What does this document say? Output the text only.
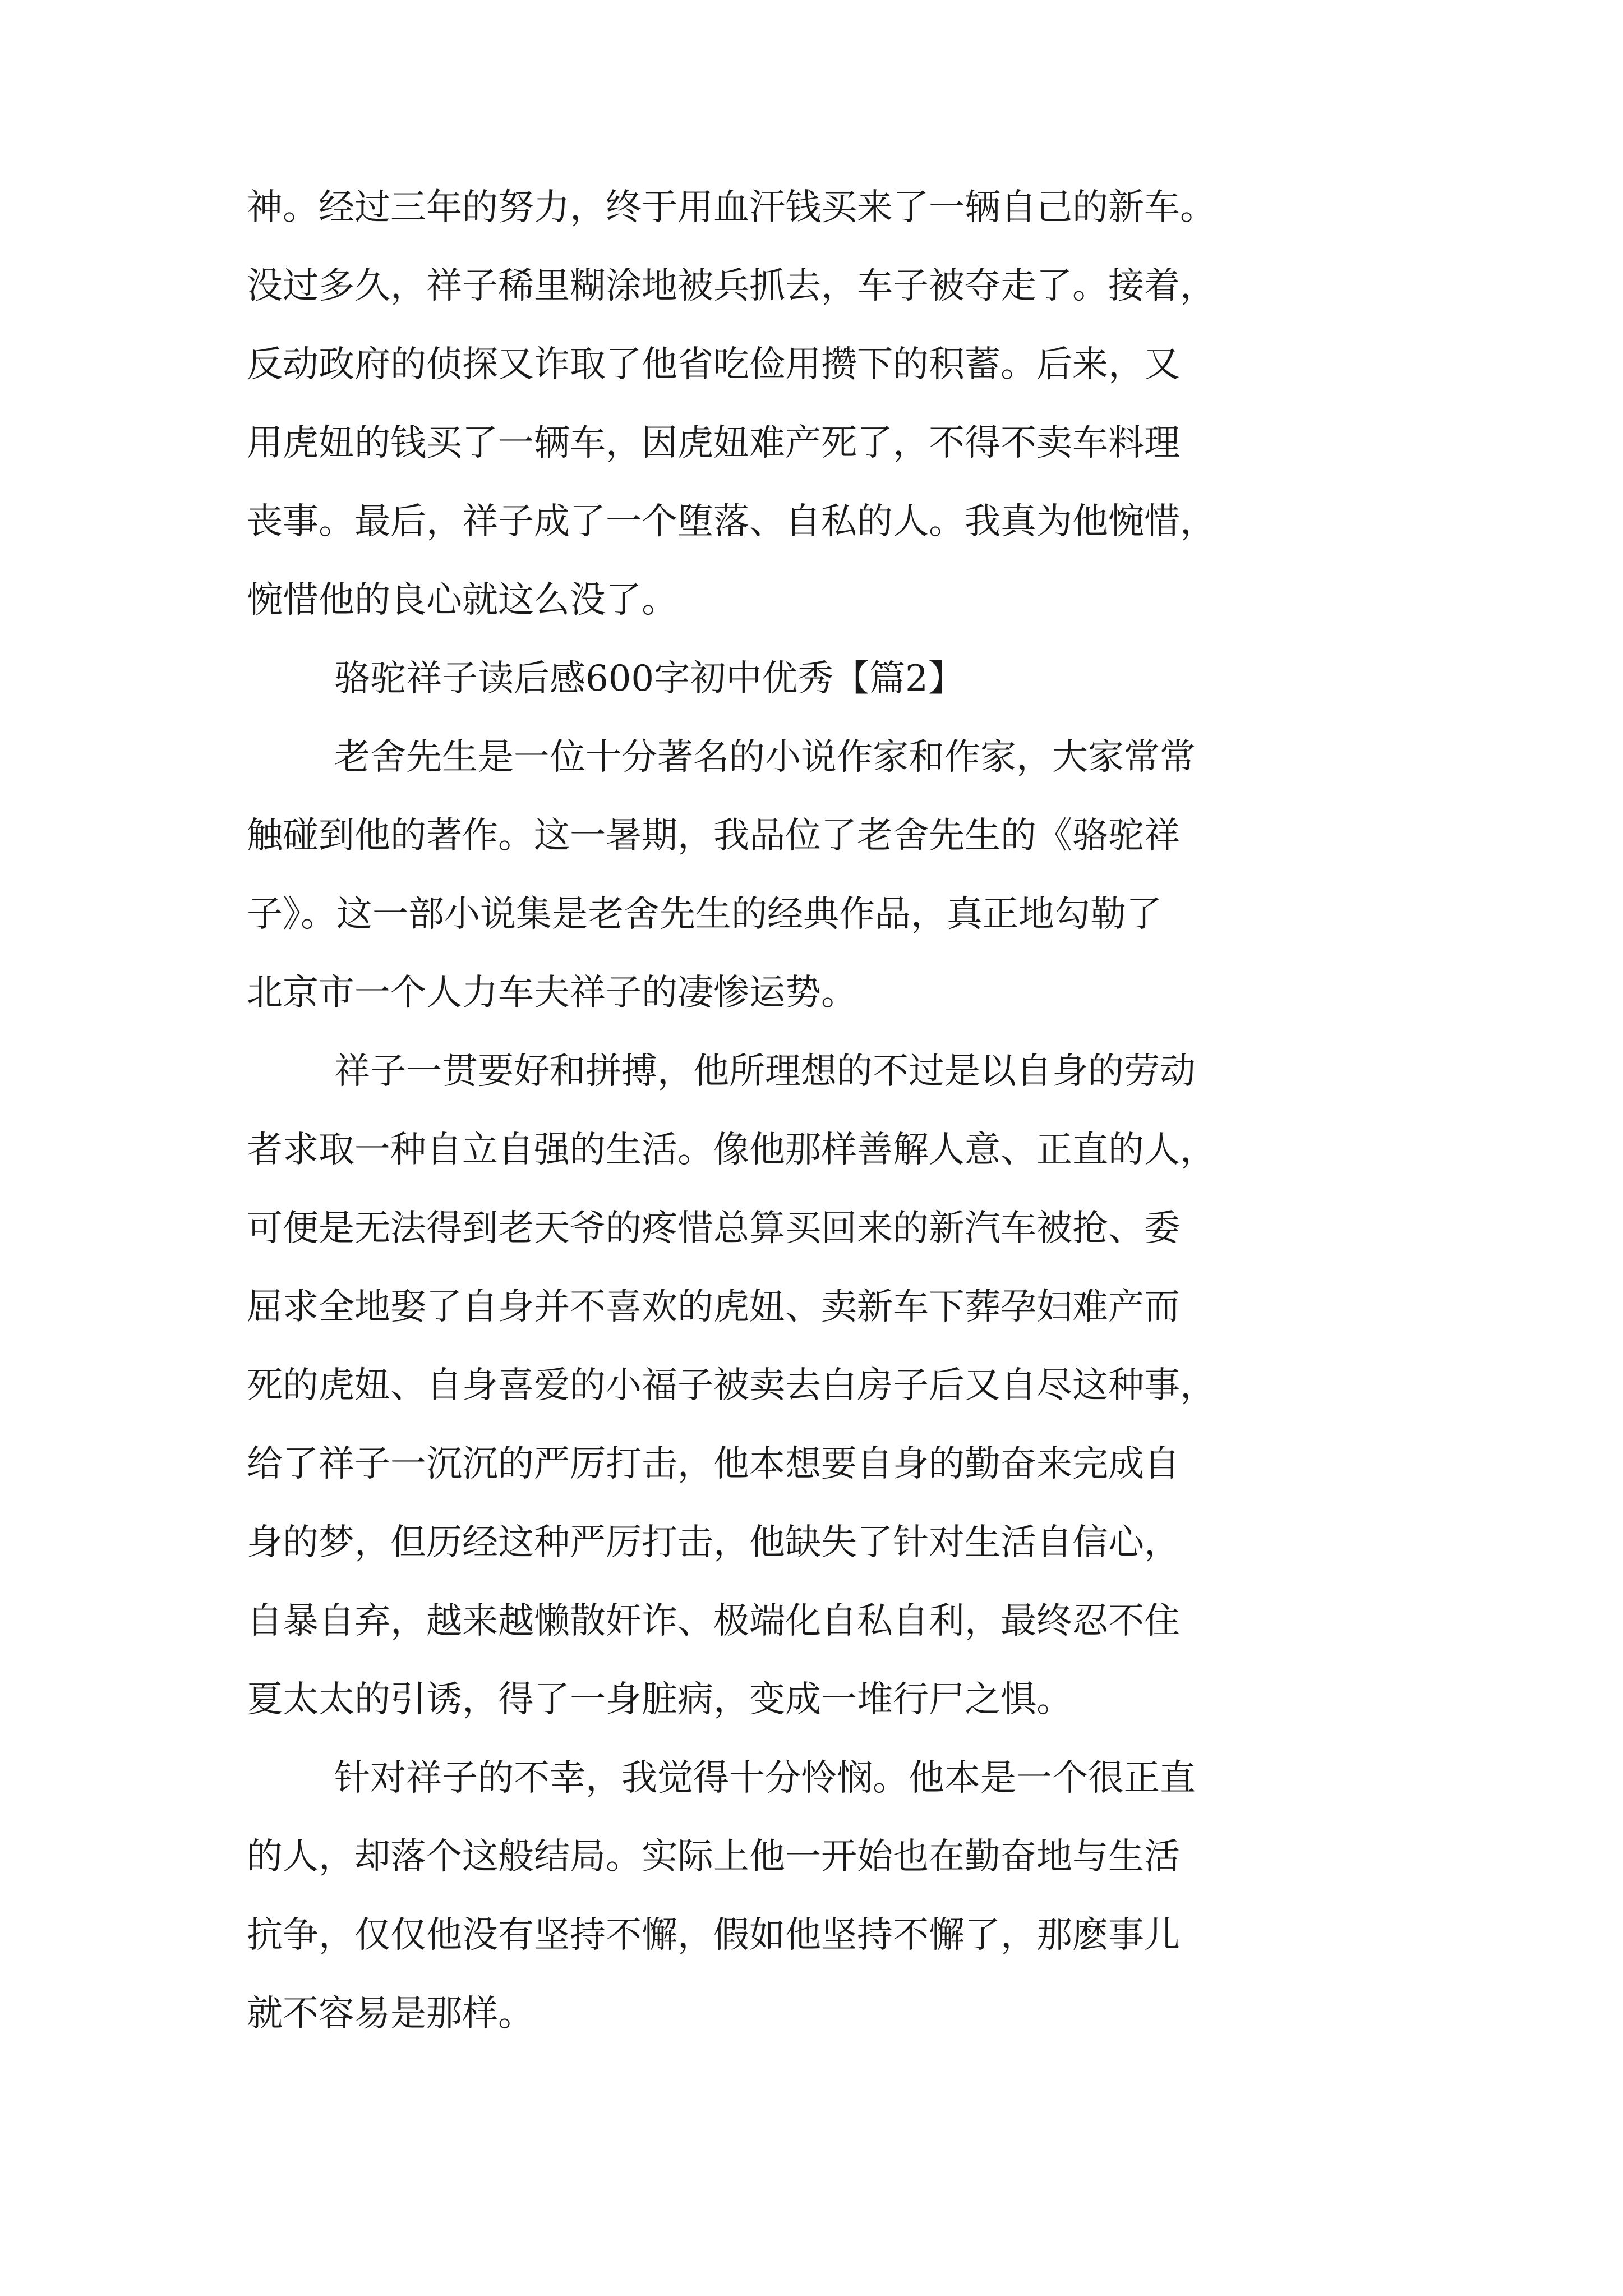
神。经过三年的努力，终于用血汗钱买来了一辆自己的新车。
没过多久，祥子稀里糊涂地被兵抓去，车子被夺走了。接着，
反动政府的侦探又诈取了他省吃俭用攒下的积蓄。后来，又
用虎妞的钱买了一辆车，因虎妞难产死了，不得不卖车料理
丧事。最后，祥子成了一个堕落、自私的人。我真为他惋惜，
惋惜他的良心就这么没了。
骆驼祥子读后感600字初中优秀【篇2】
老舍先生是一位十分著名的小说作家和作家，大家常常
触碰到他的著作。这一暑期，我品位了老舍先生的《骆驼祥
子》。这一部小说集是老舍先生的经典作品，真正地勾勒了
北京市一个人力车夫祥子的凄惨运势。
祥子一贯要好和拼搏，他所理想的不过是以自身的劳动
者求取一种自立自强的生活。像他那样善解人意、正直的人，
可便是无法得到老天爷的疼惜总算买回来的新汽车被抢、委
屈求全地娶了自身并不喜欢的虎妞、卖新车下葬孕妇难产而
死的虎妞、自身喜爱的小福子被卖去白房子后又自尽这种事，
给了祥子一沉沉的严厉打击，他本想要自身的勤奋来完成自
身的梦，但历经这种严厉打击，他缺失了针对生活自信心，
自暴自弃，越来越懒散奸诈、极端化自私自利，最终忍不住
夏太太的引诱，得了一身脏病，变成一堆行尸之惧。
针对祥子的不幸，我觉得十分怜悯。他本是一个很正直
的人，却落个这般结局。实际上他一开始也在勤奋地与生活
抗争，仅仅他没有坚持不懈，假如他坚持不懈了，那麽事儿
就不容易是那样。
